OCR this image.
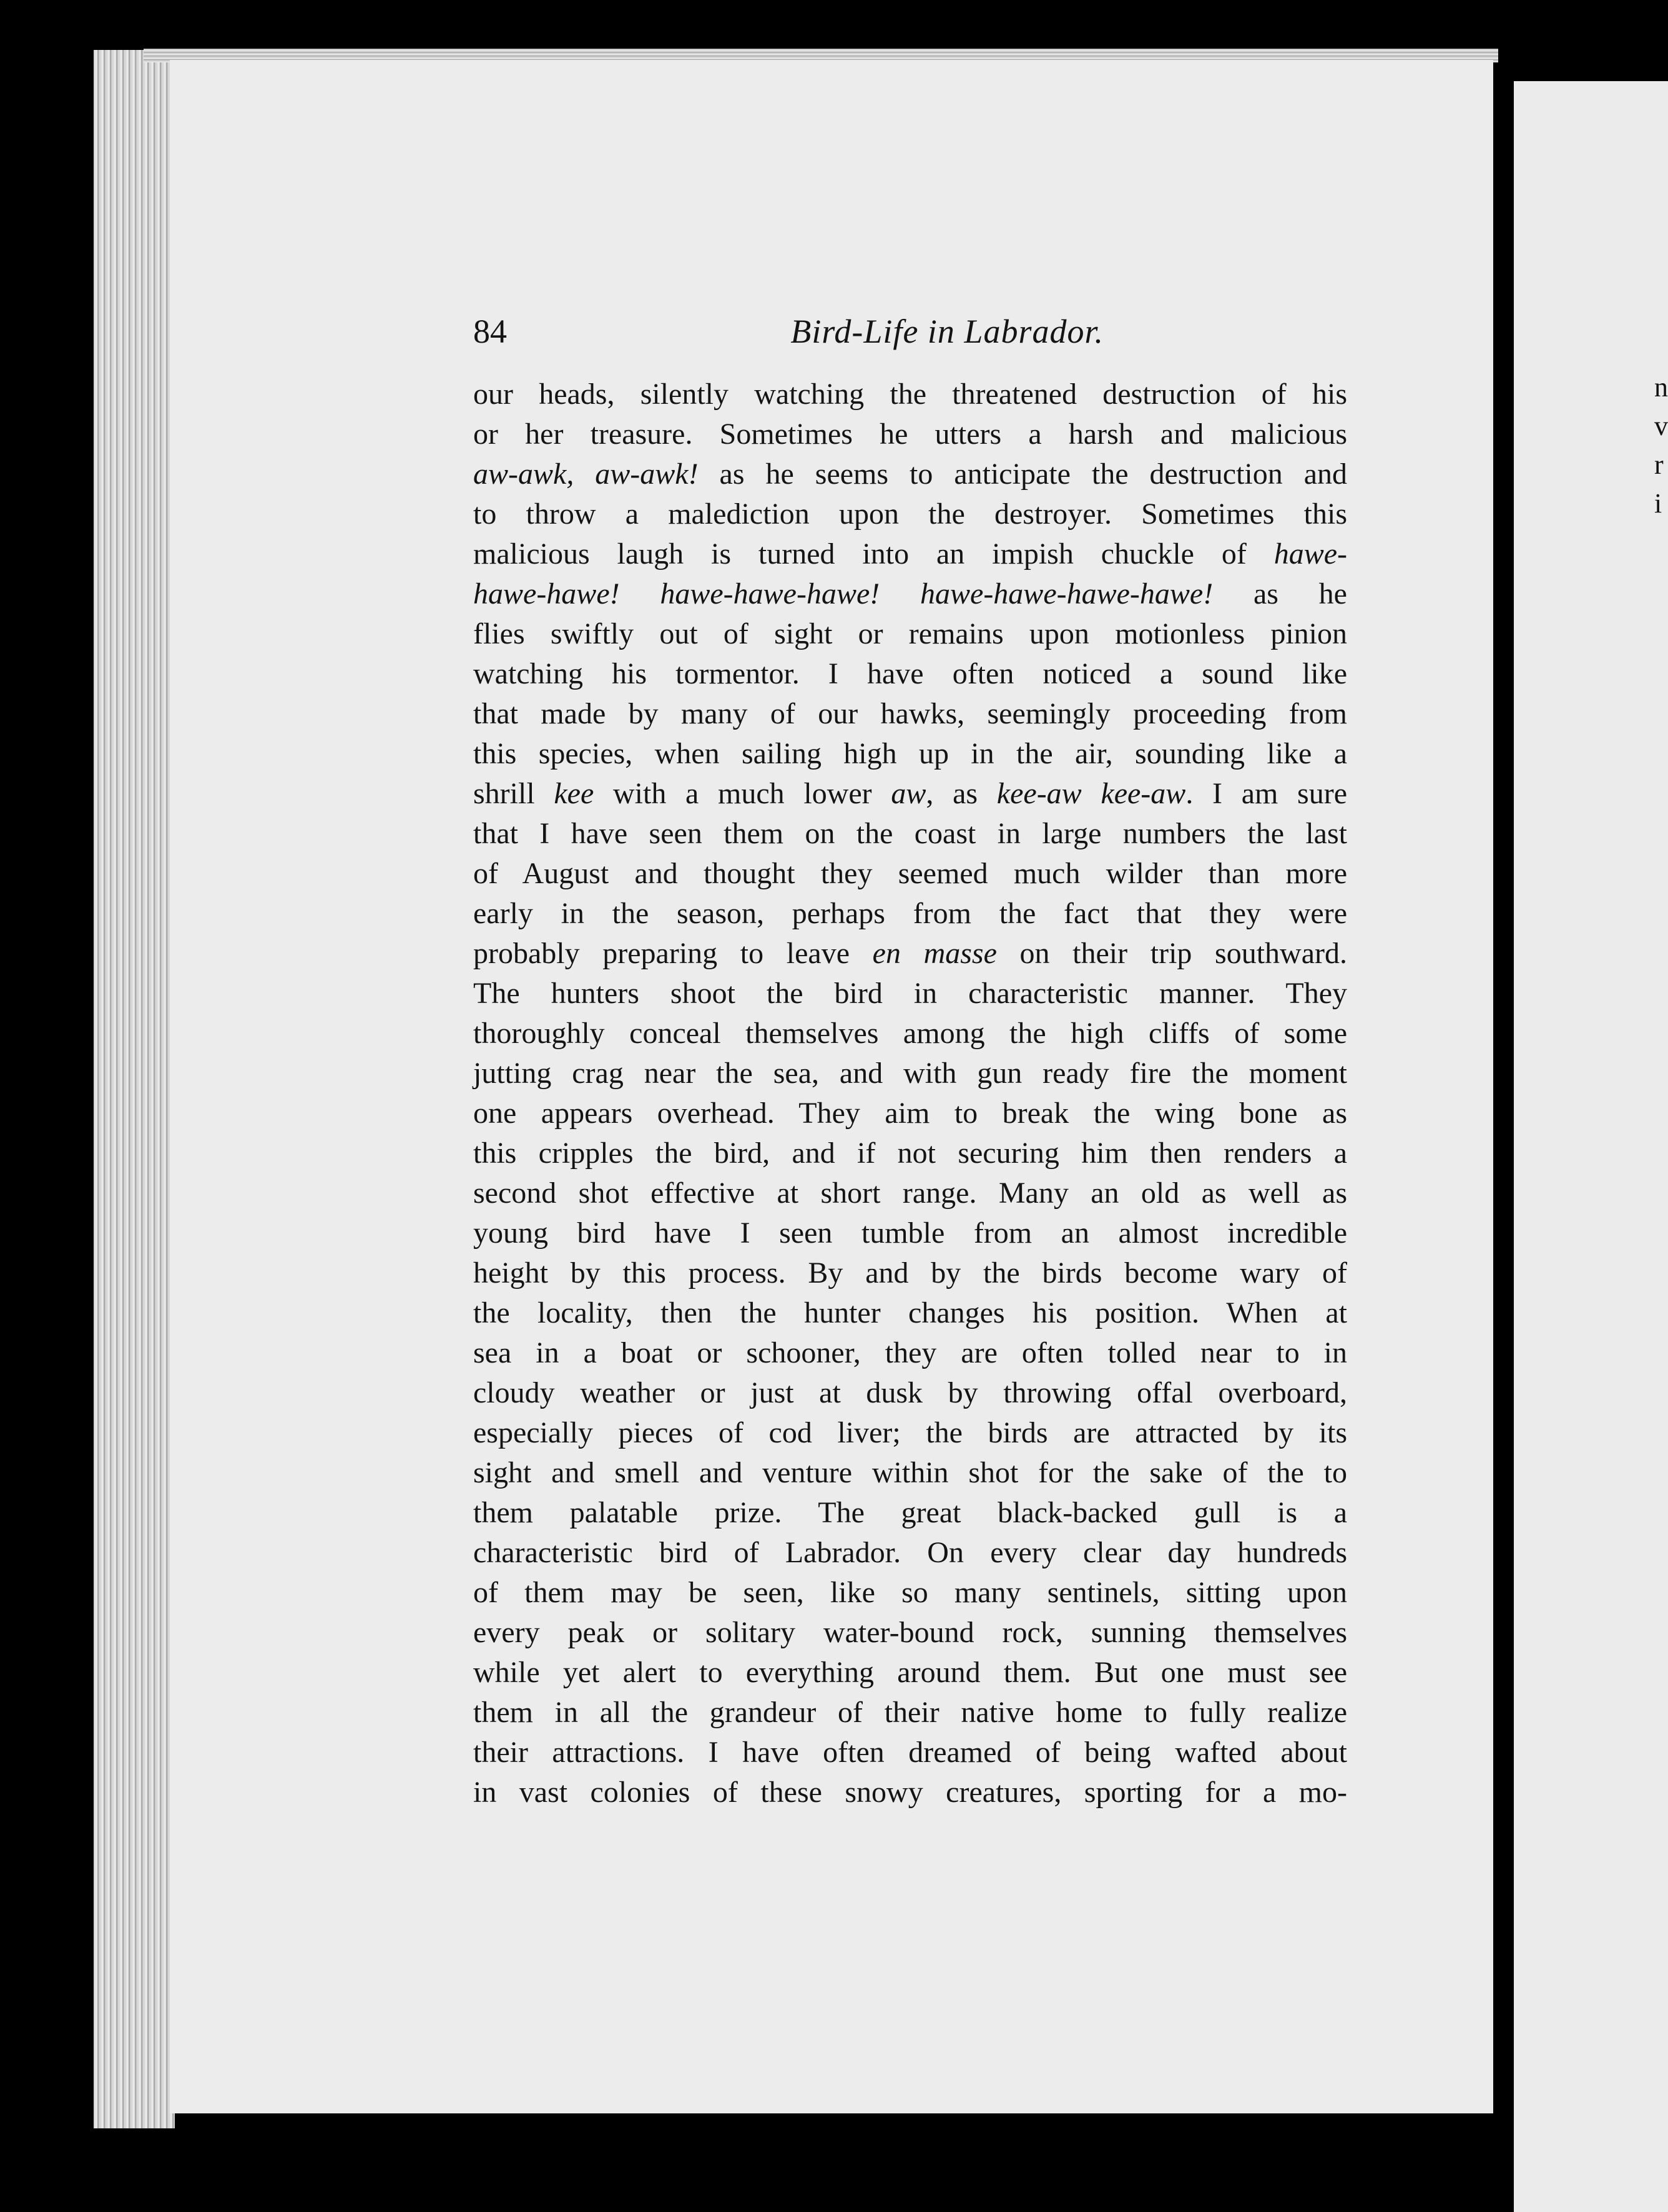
n
v
r
i
84	Bird-Life in Labrador.
our heads, silently watching the threatened destruction of his
or her treasure. Sometimes he utters a harsh and malicious
aw-awk, aw-awk! as he seems to anticipate the destruction and
to throw a malediction upon the destroyer. Sometimes this
malicious laugh is turned into an impish chuckle of hawe-
hawe-hawe! hawe-hawe-hawe! hawe-hawe-hawe-hawe! as he
flies swiftly out of sight or remains upon motionless pinion
watching his tormentor. I have often noticed a sound like
that made by many of our hawks, seemingly proceeding from
this species, when sailing high up in the air, sounding like a
shrill kee with a much lower aw, as kee-aw kee-aw. I am sure
that I have seen them on the coast in large numbers the last
of August and thought they seemed much wilder than more
early in the season, perhaps from the fact that they were
probably preparing to leave en masse on their trip southward.
The hunters shoot the bird in characteristic manner. They
thoroughly conceal themselves among the high cliffs of some
jutting crag near the sea, and with gun ready fire the moment
one appears overhead. They aim to break the wing bone as
this cripples the bird, and if not securing him then renders a
second shot effective at short range. Many an old as well as
young bird have I seen tumble from an almost incredible
height by this process. By and by the birds become wary of
the locality, then the hunter changes his position. When at
sea in a boat or schooner, they are often tolled near to in
cloudy weather or just at dusk by throwing offal overboard,
especially pieces of cod liver; the birds are attracted by its
sight and smell and venture within shot for the sake of the to
them palatable prize. The great black-backed gull is a
characteristic bird of Labrador. On every clear day hundreds
of them may be seen, like so many sentinels, sitting upon
every peak or solitary water-bound rock, sunning themselves
while yet alert to everything around them. But one must see
them in all the grandeur of their native home to fully realize
their attractions. I have often dreamed of being wafted about
in vast colonies of these snowy creatures, sporting for a mo-
